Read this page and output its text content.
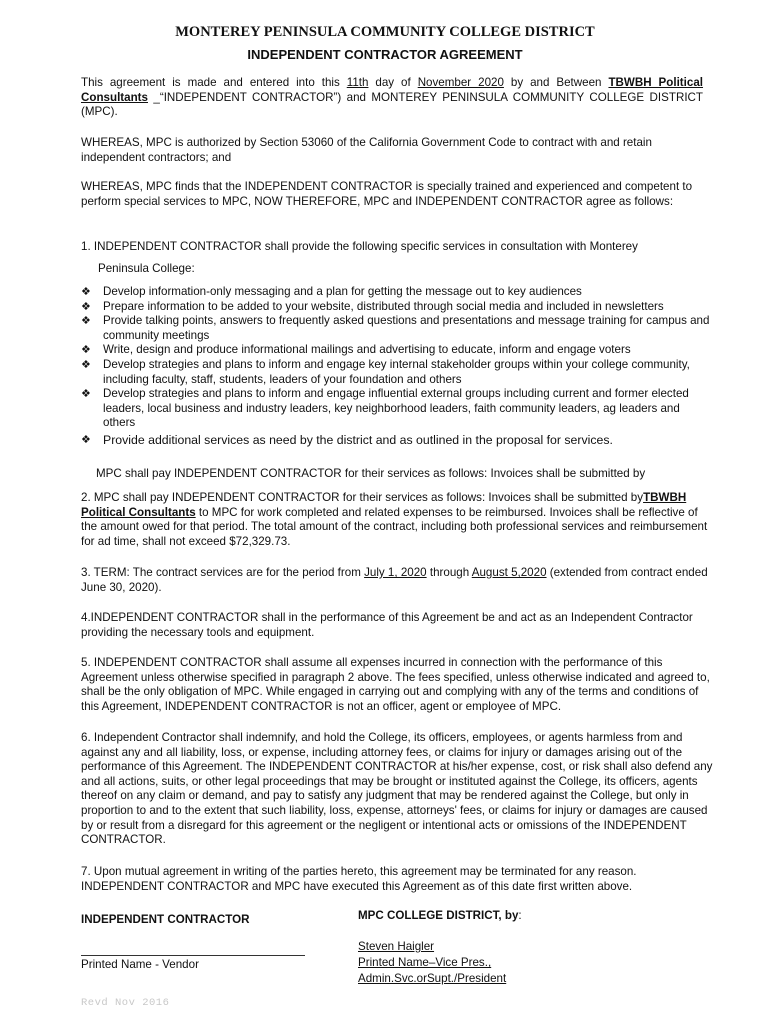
MONTEREY PENINSULA COMMUNITY COLLEGE DISTRICT
INDEPENDENT CONTRACTOR AGREEMENT
This agreement is made and entered into this 11th day of November 2020 by and Between TBWBH Political Consultants _“INDEPENDENT CONTRACTOR”) and MONTEREY PENINSULA COMMUNITY COLLEGE DISTRICT (MPC).
WHEREAS, MPC is authorized by Section 53060 of the California Government Code to contract with and retain independent contractors; and
WHEREAS, MPC finds that the INDEPENDENT CONTRACTOR is specially trained and experienced and competent to perform special services to MPC, NOW THEREFORE, MPC and INDEPENDENT CONTRACTOR agree as follows:
1. INDEPENDENT CONTRACTOR shall provide the following specific services in consultation with Monterey
Peninsula College:
❖ Develop information-only messaging and a plan for getting the message out to key audiences
❖ Prepare information to be added to your website, distributed through social media and included in newsletters
❖ Provide talking points, answers to frequently asked questions and presentations and message training for campus and community meetings
❖ Write, design and produce informational mailings and advertising to educate, inform and engage voters
❖ Develop strategies and plans to inform and engage key internal stakeholder groups within your college community, including faculty, staff, students, leaders of your foundation and others
❖ Develop strategies and plans to inform and engage influential external groups including current and former elected leaders, local business and industry leaders, key neighborhood leaders, faith community leaders, ag leaders and others
❖ Provide additional services as need by the district and as outlined in the proposal for services.
MPC shall pay INDEPENDENT CONTRACTOR for their services as follows: Invoices shall be submitted by
2. MPC shall pay INDEPENDENT CONTRACTOR for their services as follows: Invoices shall be submitted byTBWBH Political Consultants to MPC for work completed and related expenses to be reimbursed. Invoices shall be reflective of the amount owed for that period. The total amount of the contract, including both professional services and reimbursement for ad time, shall not exceed $72,329.73.
3. TERM: The contract services are for the period from July 1, 2020 through August 5,2020 (extended from contract ended June 30, 2020).
4.INDEPENDENT CONTRACTOR shall in the performance of this Agreement be and act as an Independent Contractor providing the necessary tools and equipment.
5. INDEPENDENT CONTRACTOR shall assume all expenses incurred in connection with the performance of this Agreement unless otherwise specified in paragraph 2 above. The fees specified, unless otherwise indicated and agreed to, shall be the only obligation of MPC. While engaged in carrying out and complying with any of the terms and conditions of this Agreement, INDEPENDENT CONTRACTOR is not an officer, agent or employee of MPC.
6. Independent Contractor shall indemnify, and hold the College, its officers, employees, or agents harmless from and against any and all liability, loss, or expense, including attorney fees, or claims for injury or damages arising out of the performance of this Agreement. The INDEPENDENT CONTRACTOR at his/her expense, cost, or risk shall also defend any and all actions, suits, or other legal proceedings that may be brought or instituted against the College, its officers, agents thereof on any claim or demand, and pay to satisfy any judgment that may be rendered against the College, but only in proportion to and to the extent that such liability, loss, expense, attorneys' fees, or claims for injury or damages are caused by or result from a disregard for this agreement or the negligent or intentional acts or omissions of the INDEPENDENT CONTRACTOR.
7. Upon mutual agreement in writing of the parties hereto, this agreement may be terminated for any reason. INDEPENDENT CONTRACTOR and MPC have executed this Agreement as of this date first written above.
INDEPENDENT CONTRACTOR
Printed Name - Vendor
MPC COLLEGE DISTRICT, by:
Steven Haigler
Printed Name–Vice Pres.,
Admin.Svc.orSupt./President
Revd Nov 2016
